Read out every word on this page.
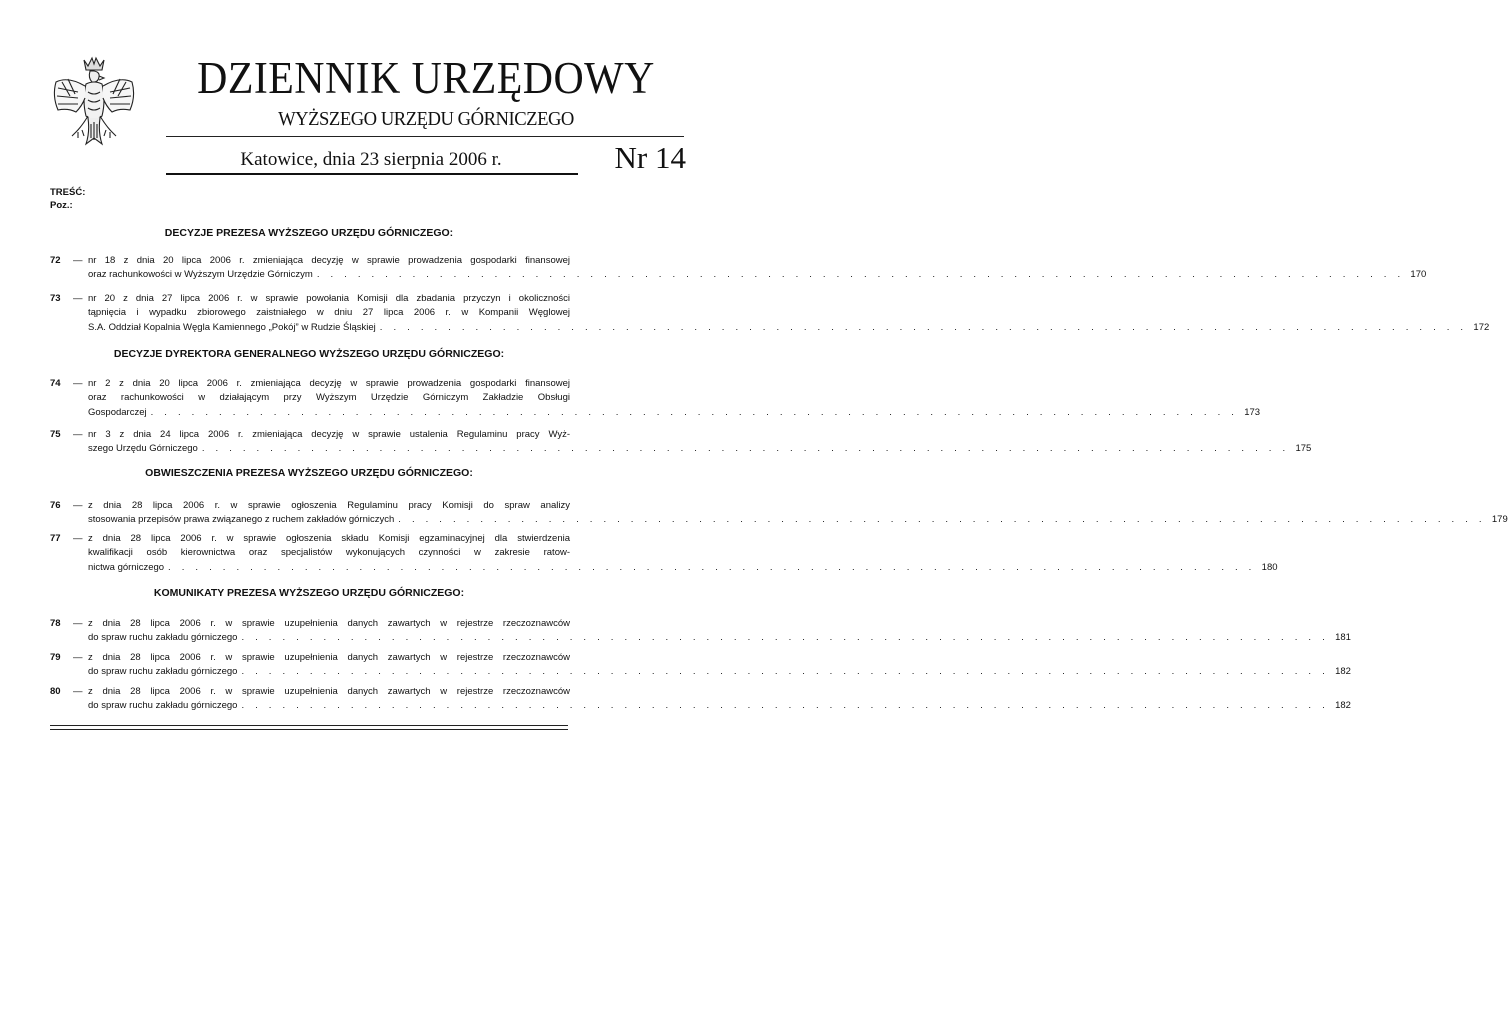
DZIENNIK URZĘDOWY
WYŻSZEGO URZĘDU GÓRNICZEGO
Katowice, dnia 23 sierpnia 2006 r.	Nr 14
TREŚĆ:
Poz.:
DECYZJE PREZESA WYŻSZEGO URZĘDU GÓRNICZEGO:
72	— nr 18 z dnia 20 lipca 2006 r. zmieniająca decyzję w sprawie prowadzenia gospodarki finansowej
oraz rachunkowości w Wyższym Urzędzie Górniczym . . . . . . . . . . . . . . . . . . . . . . . . . . . . . . . . . . . . . . . . . . . . . . . . . . . . . . . . . . . . . . . . . . . . . . . . . . . . . . . . 170
73	— nr 20 z dnia 27 lipca 2006 r. w sprawie powołania Komisji dla zbadania przyczyn i okoliczności
tąpnięcia i wypadku zbiorowego zaistniałego w dniu 27 lipca 2006 r. w Kompanii Węglowej
S.A. Oddział Kopalnia Węgla Kamiennego „Pokój” w Rudzie Śląskiej . . . . . . . . . . . . . . . . . . . . . . . . . . . . . . . . . . . . . . . . . . . . . . . . . . . . . . . . . . . . . . . . . . . . . . . . . . . . . . . . 172
DECYZJE DYREKTORA GENERALNEGO WYŻSZEGO URZĘDU GÓRNICZEGO:
74	— nr 2 z dnia 20 lipca 2006 r. zmieniająca decyzję w sprawie prowadzenia gospodarki finansowej
oraz rachunkowości w działającym przy Wyższym Urzędzie Górniczym Zakładzie Obsługi
Gospodarczej . . . . . . . . . . . . . . . . . . . . . . . . . . . . . . . . . . . . . . . . . . . . . . . . . . . . . . . . . . . . . . . . . . . . . . . . . . . . . . . . 173
75	— nr 3 z dnia 24 lipca 2006 r. zmieniająca decyzję w sprawie ustalenia Regulaminu pracy Wyż-
szego Urzędu Górniczego . . . . . . . . . . . . . . . . . . . . . . . . . . . . . . . . . . . . . . . . . . . . . . . . . . . . . . . . . . . . . . . . . . . . . . . . . . . . . . . . 175
OBWIESZCZENIA PREZESA WYŻSZEGO URZĘDU GÓRNICZEGO:
76	— z dnia 28 lipca 2006 r. w sprawie ogłoszenia Regulaminu pracy Komisji do spraw analizy
stosowania przepisów prawa związanego z ruchem zakładów górniczych . . . . . . . . . . . . . . . . . . . . . . . . . . . . . . . . . . . . . . . . . . . . . . . . . . . . . . . . . . . . . . . . . . . . . . . . . . . . . . . . 179
77	— z dnia 28 lipca 2006 r. w sprawie ogłoszenia składu Komisji egzaminacyjnej dla stwierdzenia
kwalifikacji osób kierownictwa oraz specjalistów wykonujących czynności w zakresie ratow-
nictwa górniczego . . . . . . . . . . . . . . . . . . . . . . . . . . . . . . . . . . . . . . . . . . . . . . . . . . . . . . . . . . . . . . . . . . . . . . . . . . . . . . . . 180
KOMUNIKATY PREZESA WYŻSZEGO URZĘDU GÓRNICZEGO:
78	— z dnia 28 lipca 2006 r. w sprawie uzupełnienia danych zawartych w rejestrze rzeczoznawców
do spraw ruchu zakładu górniczego . . . . . . . . . . . . . . . . . . . . . . . . . . . . . . . . . . . . . . . . . . . . . . . . . . . . . . . . . . . . . . . . . . . . . . . . . . . . . . . . 181
79	— z dnia 28 lipca 2006 r. w sprawie uzupełnienia danych zawartych w rejestrze rzeczoznawców
do spraw ruchu zakładu górniczego . . . . . . . . . . . . . . . . . . . . . . . . . . . . . . . . . . . . . . . . . . . . . . . . . . . . . . . . . . . . . . . . . . . . . . . . . . . . . . . . 182
80	— z dnia 28 lipca 2006 r. w sprawie uzupełnienia danych zawartych w rejestrze rzeczoznawców
do spraw ruchu zakładu górniczego . . . . . . . . . . . . . . . . . . . . . . . . . . . . . . . . . . . . . . . . . . . . . . . . . . . . . . . . . . . . . . . . . . . . . . . . . . . . . . . . 182
